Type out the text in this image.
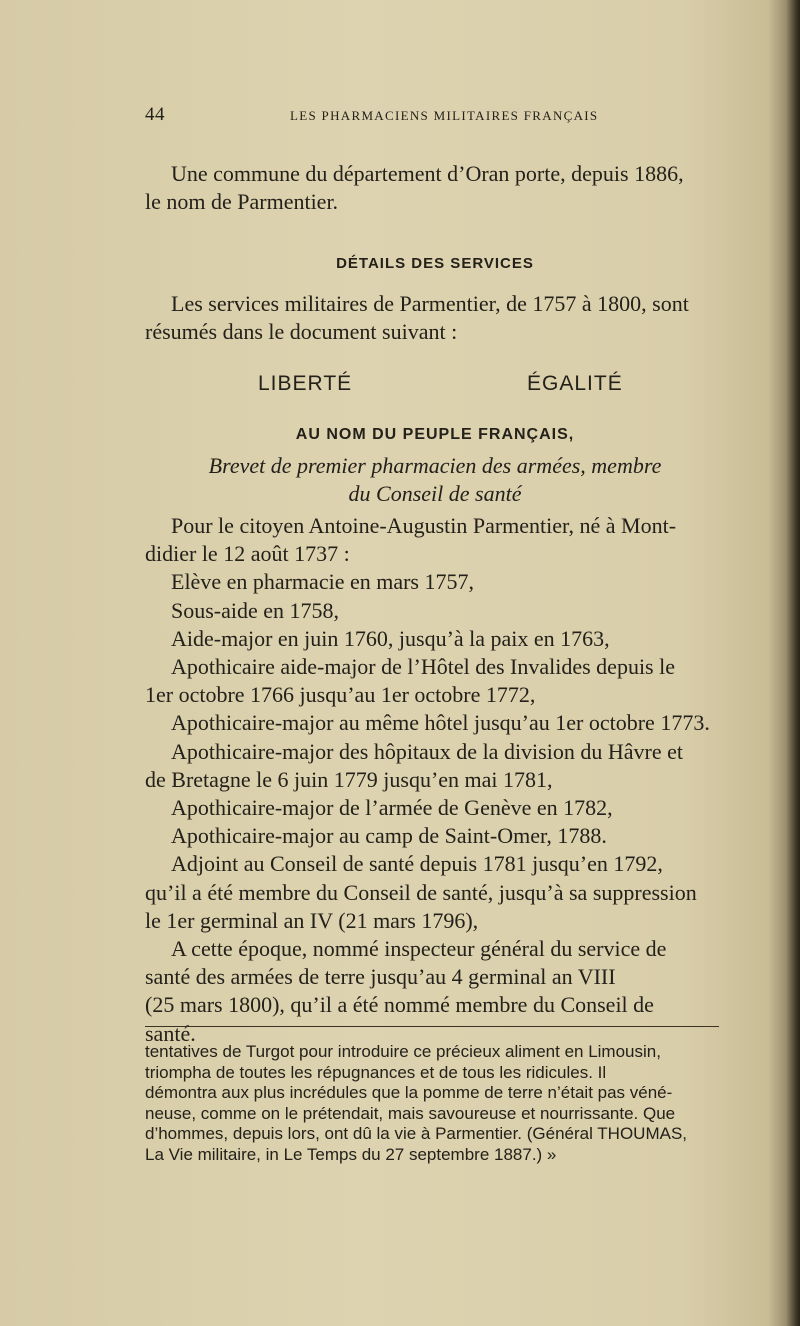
44	LES PHARMACIENS MILITAIRES FRANÇAIS
Une commune du département d’Oran porte, depuis 1886,
le nom de Parmentier.
DÉTAILS DES SERVICES
Les services militaires de Parmentier, de 1757 à 1800, sont
résumés dans le document suivant :
LIBERTÉ	ÉGALITÉ
AU NOM DU PEUPLE FRANÇAIS,
Brevet de premier pharmacien des armées, membre
du Conseil de santé
Pour le citoyen Antoine-Augustin Parmentier, né à Mont-
didier le 12 août 1737 :
Elève en pharmacie en mars 1757,
Sous-aide en 1758,
Aide-major en juin 1760, jusqu’à la paix en 1763,
Apothicaire aide-major de l’Hôtel des Invalides depuis le
1er octobre 1766 jusqu’au 1er octobre 1772,
Apothicaire-major au même hôtel jusqu’au 1er octobre 1773.
Apothicaire-major des hôpitaux de la division du Hâvre et
de Bretagne le 6 juin 1779 jusqu’en mai 1781,
Apothicaire-major de l’armée de Genève en 1782,
Apothicaire-major au camp de Saint-Omer, 1788.
Adjoint au Conseil de santé depuis 1781 jusqu’en 1792,
qu’il a été membre du Conseil de santé, jusqu’à sa suppression
le 1er germinal an IV (21 mars 1796),
A cette époque, nommé inspecteur général du service de
santé des armées de terre jusqu’au 4 germinal an VIII
(25 mars 1800), qu’il a été nommé membre du Conseil de
santé.
tentatives de Turgot pour introduire ce précieux aliment en Limousin,
triompha de toutes les répugnances et de tous les ridicules. Il
démontra aux plus incrédules que la pomme de terre n’était pas véné-
neuse, comme on le prétendait, mais savoureuse et nourrissante. Que
d’hommes, depuis lors, ont dû la vie à Parmentier. (Général THOUMAS,
La Vie militaire, in Le Temps du 27 septembre 1887.) »
